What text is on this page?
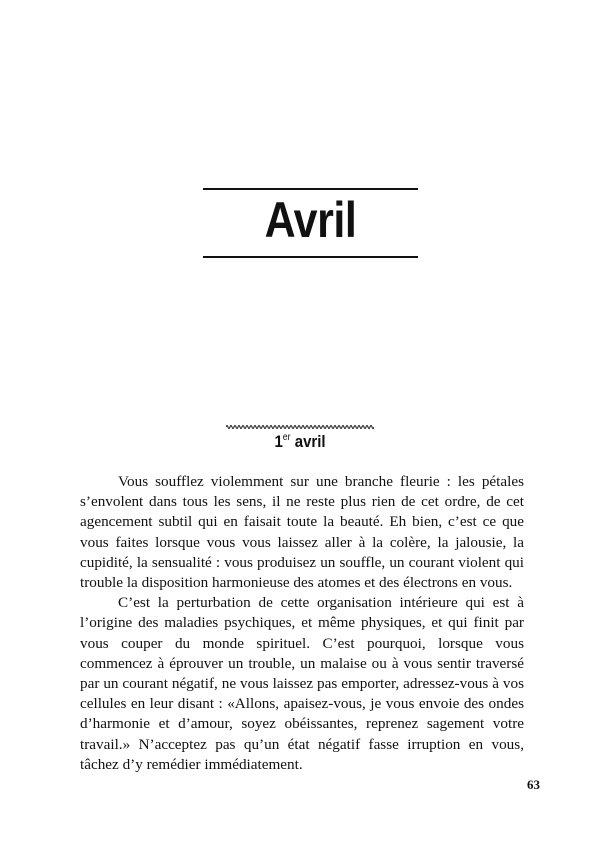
Avril
1er avril

Vous soufflez violemment sur une branche fleurie : les pétales s’envolent dans tous les sens, il ne reste plus rien de cet ordre, de cet agencement subtil qui en faisait toute la beauté. Eh bien, c’est ce que vous faites lorsque vous vous laissez aller à la colère, la jalousie, la cupidité, la sensualité : vous produisez un souffle, un courant violent qui trouble la disposition harmonieuse des atomes et des électrons en vous.

C’est la perturbation de cette organisation intérieure qui est à l’origine des maladies psychiques, et même physiques, et qui finit par vous couper du monde spirituel. C’est pourquoi, lorsque vous commencez à éprouver un trouble, un malaise ou à vous sentir traversé par un courant négatif, ne vous laissez pas emporter, adressez-vous à vos cellules en leur disant : «Allons, apaisez-vous, je vous envoie des ondes d’harmonie et d’amour, soyez obéissantes, reprenez sagement votre travail.» N’acceptez pas qu’un état négatif fasse irruption en vous, tâchez d’y remédier immédiatement.

63
